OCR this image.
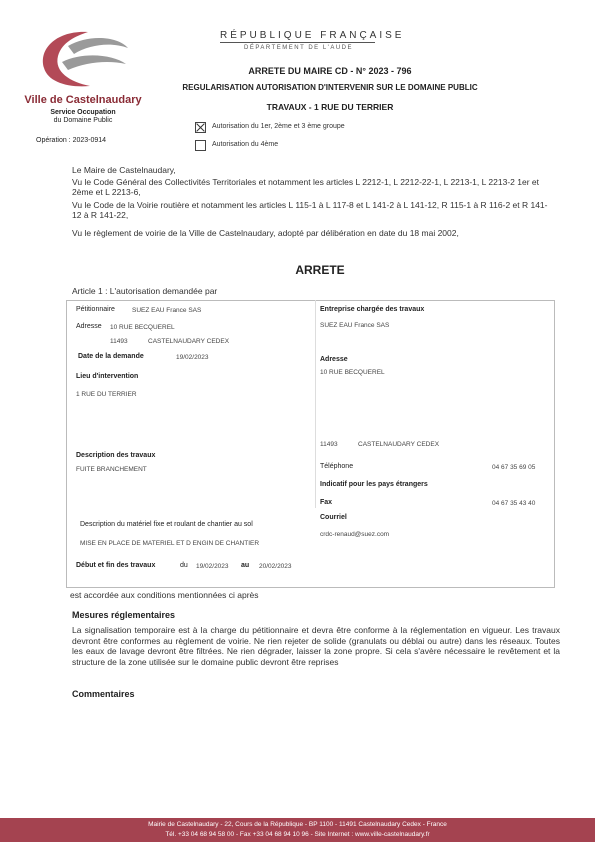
Ville de Castelnaudary
Service Occupation
du Domaine Public
Opération : 2023-0914
RÉPUBLIQUE FRANÇAISE
DÉPARTEMENT DE L'AUDE
ARRETE DU MAIRE CD - N° 2023 - 796
REGULARISATION AUTORISATION D'INTERVENIR SUR LE DOMAINE PUBLIC
TRAVAUX - 1 RUE DU TERRIER
Autorisation du 1er, 2ème et 3 ème groupe
Autorisation du 4ème
Le Maire de Castelnaudary,
Vu le Code Général des Collectivités Territoriales et notamment les articles L 2212-1, L 2212-22-1, L 2213-1, L 2213-2 1er et 2ème et L 2213-6,
Vu le Code de la Voirie routière et notamment les articles L 115-1 à L 117-8 et L 141-2 à L 141-12, R 115-1 à R 116-2 et R 141-12 à R 141-22,
Vu le règlement de voirie de la Ville de Castelnaudary, adopté par délibération en date du 18 mai 2002,
ARRETE
Article 1 : L'autorisation demandée par
Pétitionnaire	SUEZ EAU France SAS
Adresse 10 RUE BECQUEREL
11493	CASTELNAUDARY CEDEX
Date de la demande	19/02/2023
Lieu d'intervention
1 RUE DU TERRIER
Description des travaux
FUITE BRANCHEMENT
Description du matériel fixe et roulant de chantier au sol
MISE EN PLACE DE MATERIEL ET D ENGIN DE CHANTIER
Début et fin des travaux	du 19/02/2023 au 20/02/2023
Entreprise chargée des travaux
SUEZ EAU France SAS
Adresse
10 RUE BECQUEREL
11493	CASTELNAUDARY CEDEX
Téléphone	04 67 35 69 05
Indicatif pour les pays étrangers
Fax	04 67 35 43 40
Courriel
crdc-renaud@suez.com
est accordée aux conditions mentionnées ci après
Mesures réglementaires
La signalisation temporaire est à la charge du pétitionnaire et devra être conforme à la réglementation en vigueur. Les travaux devront être conformes au règlement de voirie. Ne rien rejeter de solide (granulats ou déblai ou autre) dans les réseaux. Toutes les eaux de lavage devront être filtrées. Ne rien dégrader, laisser la zone propre. Si cela s'avère nécessaire le revêtement et la structure de la zone utilisée sur le domaine public devront être reprises
Commentaires
Mairie de Castelnaudary - 22, Cours de la République - BP 1100 - 11491 Castelnaudary Cedex - France
Tél. +33 04 68 94 58 00 - Fax +33 04 68 94 10 96 - Site Internet : www.ville-castelnaudary.fr
